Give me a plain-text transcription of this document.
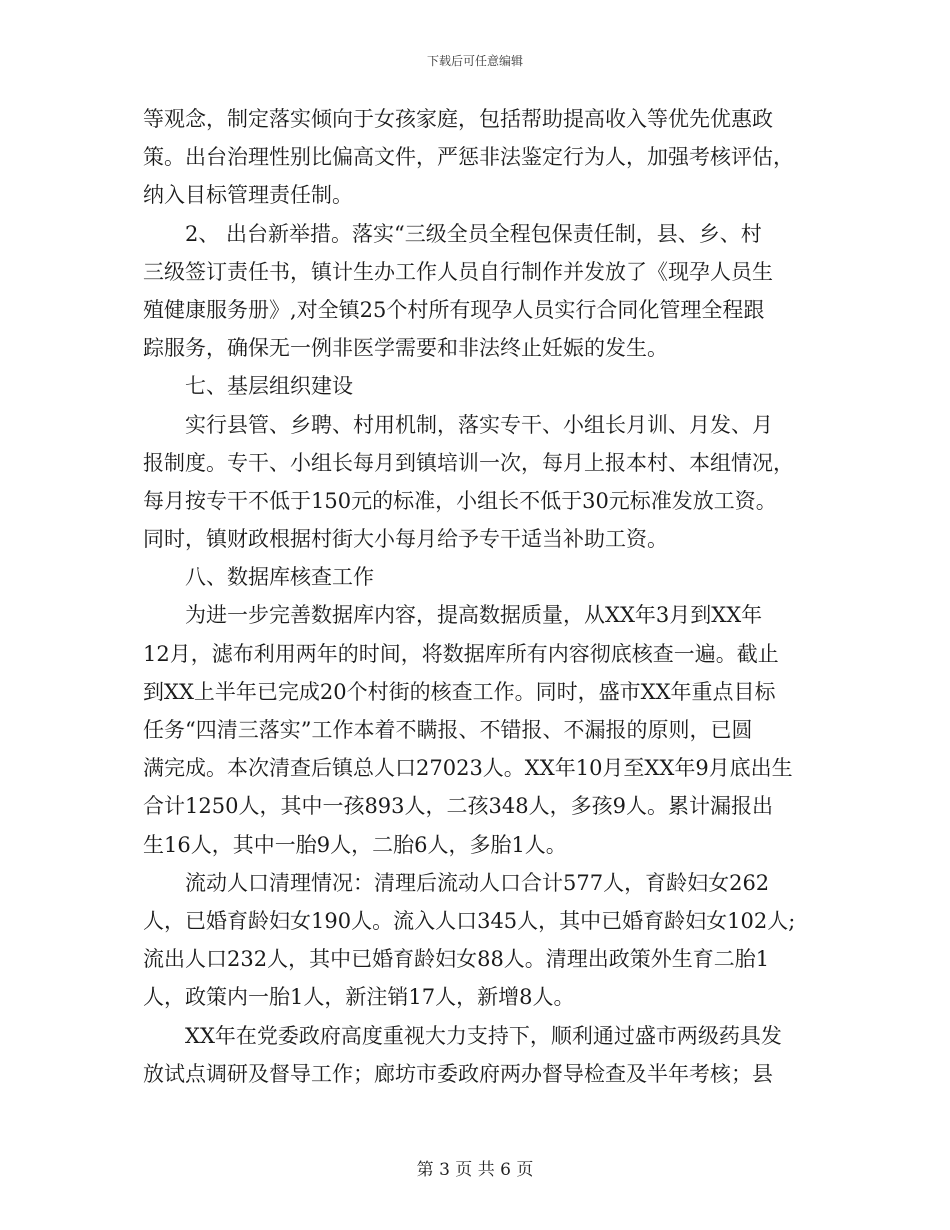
下载后可任意编辑
等观念，制定落实倾向于女孩家庭，包括帮助提高收入等优先优惠政
策。出台治理性别比偏高文件，严惩非法鉴定行为人，加强考核评估，
纳入目标管理责任制。
2、 出台新举措。落实“三级全员全程包保责任制，县、乡、村
三级签订责任书，镇计生办工作人员自行制作并发放了《现孕人员生
殖健康服务册》,对全镇25个村所有现孕人员实行合同化管理全程跟
踪服务，确保无一例非医学需要和非法终止妊娠的发生。
七、基层组织建设
实行县管、乡聘、村用机制，落实专干、小组长月训、月发、月
报制度。专干、小组长每月到镇培训一次，每月上报本村、本组情况，
每月按专干不低于150元的标准，小组长不低于30元标准发放工资。
同时，镇财政根据村街大小每月给予专干适当补助工资。
八、数据库核查工作
为进一步完善数据库内容，提高数据质量，从XX年3月到XX年
12月，滤布利用两年的时间，将数据库所有内容彻底核查一遍。截止
到XX上半年已完成20个村街的核查工作。同时，盛市XX年重点目标
任务“四清三落实”工作本着不瞒报、不错报、不漏报的原则，已圆
满完成。本次清查后镇总人口27023人。XX年10月至XX年9月底出生
合计1250人，其中一孩893人，二孩348人，多孩9人。累计漏报出
生16人，其中一胎9人，二胎6人，多胎1人。
流动人口清理情况：清理后流动人口合计577人，育龄妇女262
人，已婚育龄妇女190人。流入人口345人，其中已婚育龄妇女102人;
流出人口232人，其中已婚育龄妇女88人。清理出政策外生育二胎1
人，政策内一胎1人，新注销17人，新增8人。
XX年在党委政府高度重视大力支持下，顺利通过盛市两级药具发
放试点调研及督导工作；廊坊市委政府两办督导检查及半年考核；县
第 3 页 共 6 页
